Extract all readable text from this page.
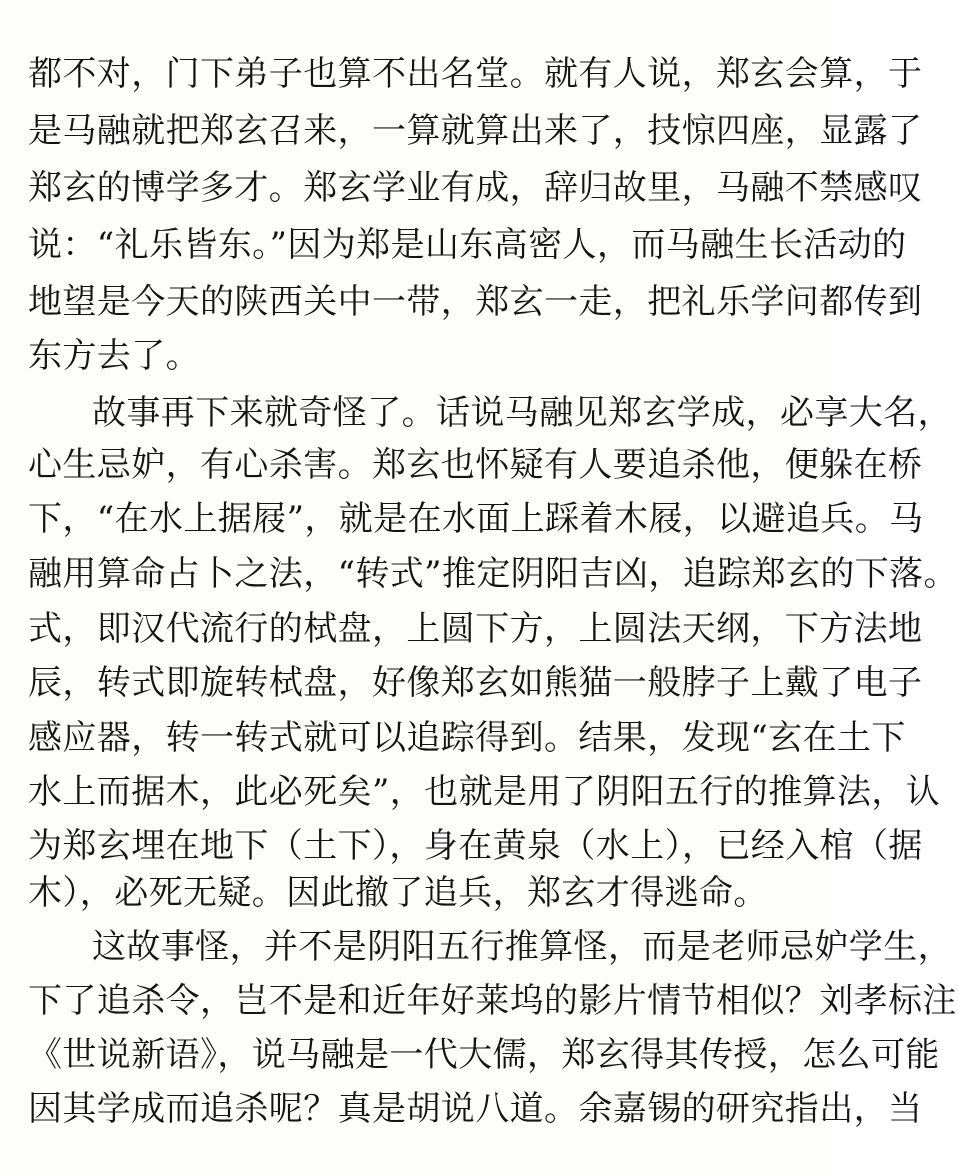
都不对，门下弟子也算不出名堂。就有人说，郑玄会算，于
是马融就把郑玄召来，一算就算出来了，技惊四座，显露了
郑玄的博学多才。郑玄学业有成，辞归故里，马融不禁感叹
说：“礼乐皆东。”因为郑是山东高密人，而马融生长活动的
地望是今天的陕西关中一带，郑玄一走，把礼乐学问都传到
东方去了。
故事再下来就奇怪了。话说马融见郑玄学成，必享大名，
心生忌妒，有心杀害。郑玄也怀疑有人要追杀他，便躲在桥
下，“在水上据屐”，就是在水面上踩着木屐，以避追兵。马
融用算命占卜之法，“转式”推定阴阳吉凶，追踪郑玄的下落。
式，即汉代流行的栻盘，上圆下方，上圆法天纲，下方法地
辰，转式即旋转栻盘，好像郑玄如熊猫一般脖子上戴了电子
感应器，转一转式就可以追踪得到。结果，发现“玄在土下
水上而据木，此必死矣”，也就是用了阴阳五行的推算法，认
为郑玄埋在地下（土下），身在黄泉（水上），已经入棺（据
木），必死无疑。因此撤了追兵，郑玄才得逃命。
这故事怪，并不是阴阳五行推算怪，而是老师忌妒学生，
下了追杀令，岂不是和近年好莱坞的影片情节相似？刘孝标注
《世说新语》，说马融是一代大儒，郑玄得其传授，怎么可能
因其学成而追杀呢？真是胡说八道。余嘉锡的研究指出，当
